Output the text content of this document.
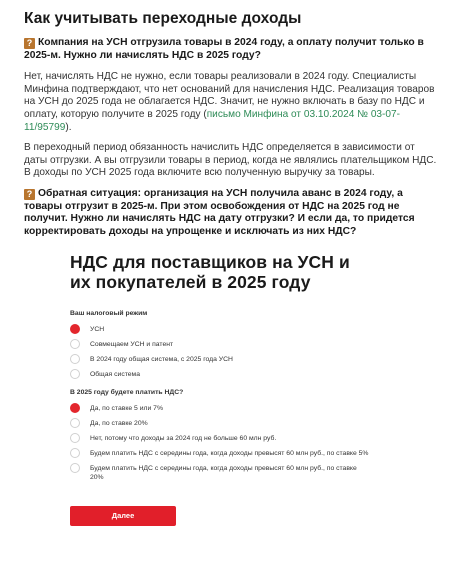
Как учитывать переходные доходы
? Компания на УСН отгрузила товары в 2024 году, а оплату получит только в 2025-м. Нужно ли начислять НДС в 2025 году?

Нет, начислять НДС не нужно, если товары реализовали в 2024 году. Специалисты Минфина подтверждают, что нет оснований для начисления НДС. Реализация товаров на УСН до 2025 года не облагается НДС. Значит, не нужно включать в базу по НДС и оплату, которую получите в 2025 году (письмо Минфина от 03.10.2024 № 03-07-11/95799).

В переходный период обязанность начислить НДС определяется в зависимости от даты отгрузки. А вы отгрузили товары в период, когда не являлись плательщиком НДС. В доходы по УСН 2025 года включите всю полученную выручку за товары.

? Обратная ситуация: организация на УСН получила аванс в 2024 году, а товары отгрузит в 2025-м. При этом освобождения от НДС на 2025 год не получит. Нужно ли начислять НДС на дату отгрузки? И если да, то придется корректировать доходы на упрощенке и исключать из них НДС?
НДС для поставщиков на УСН и их покупателей в 2025 году
Ваш налоговый режим
УСН
Совмещаем УСН и патент
В 2024 году общая система, с 2025 года УСН
Общая система
В 2025 году будете платить НДС?
Да, по ставке 5 или 7%
Да, по ставке 20%
Нет, потому что доходы за 2024 год не больше 60 млн руб.
Будем платить НДС с середины года, когда доходы превысят 60 млн руб., по ставке 5%
Будем платить НДС с середины года, когда доходы превысят 60 млн руб., по ставке 20%
Далее
